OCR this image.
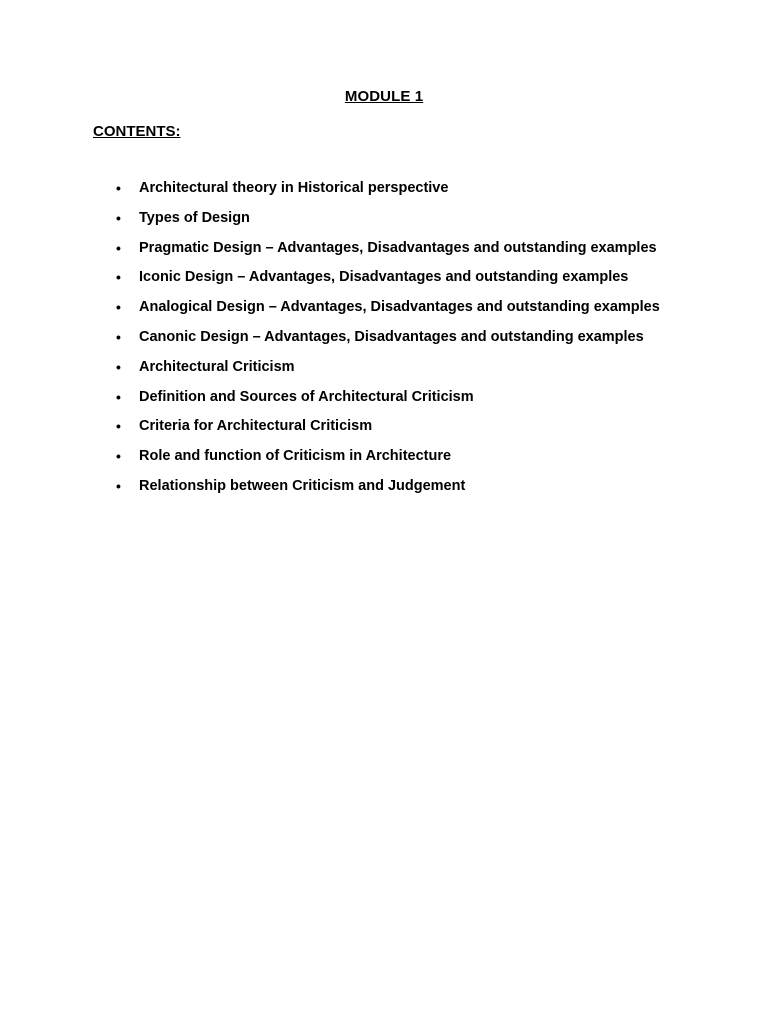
MODULE 1
CONTENTS:
• Architectural theory in Historical perspective
• Types of Design
• Pragmatic Design – Advantages, Disadvantages and outstanding examples
• Iconic Design – Advantages, Disadvantages and outstanding examples
• Analogical Design – Advantages, Disadvantages and outstanding examples
• Canonic Design – Advantages, Disadvantages and outstanding examples
• Architectural Criticism
• Definition and Sources of Architectural Criticism
• Criteria for Architectural Criticism
• Role and function of Criticism in Architecture
• Relationship between Criticism and Judgement
